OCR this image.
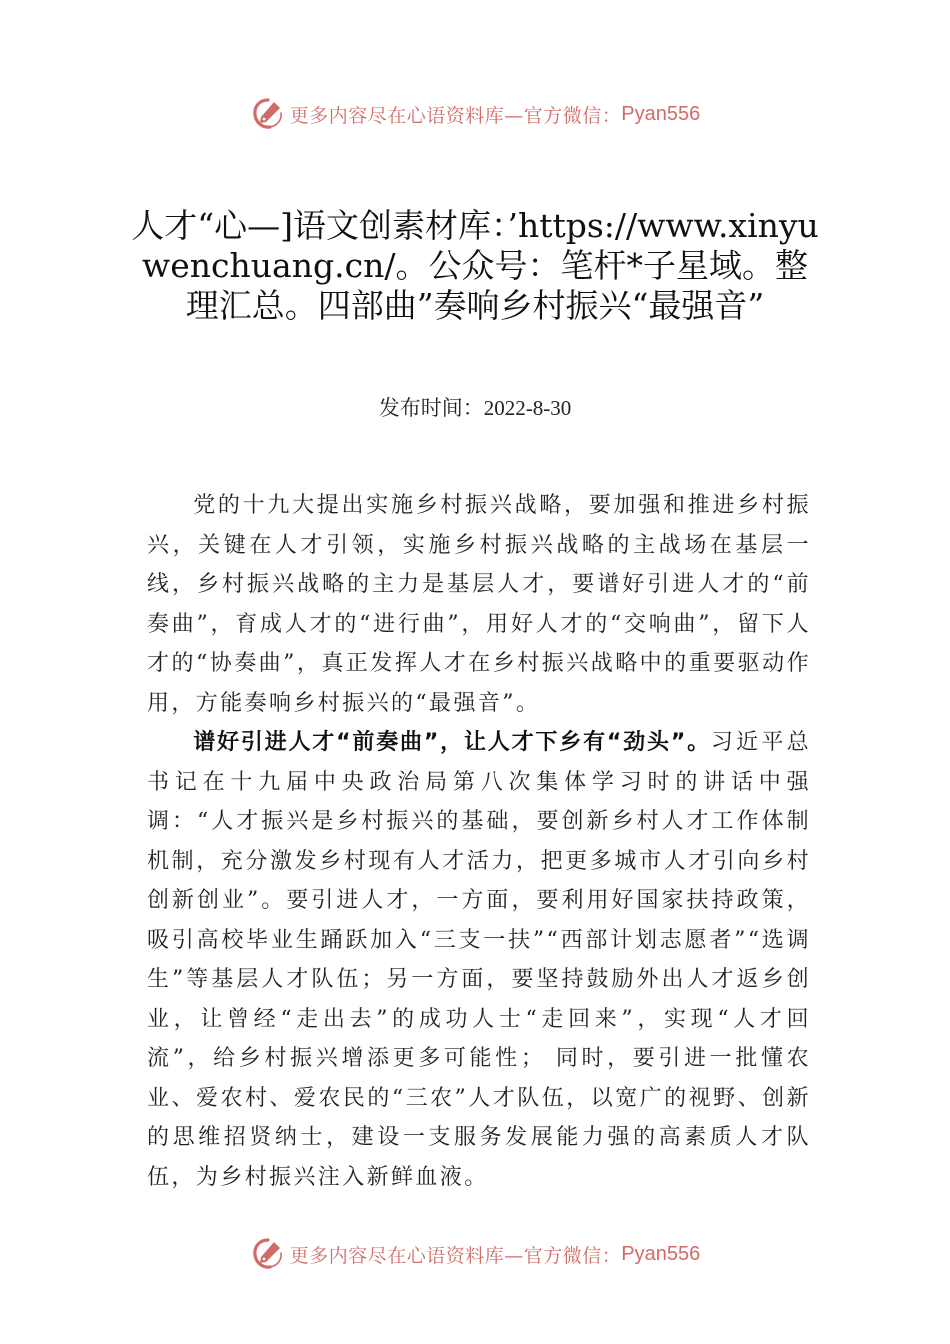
更多内容尽在心语资料库—官方微信： Pyan556
人才“心—]语文创素材库：’https://www.xinyuwenchuang.cn/。公众号：笔杆*子星域。整理汇总。四部曲”奏响乡村振兴“最强音”
发布时间：2022-8-30

党的十九大提出实施乡村振兴战略，要加强和推进乡村振兴，关键在人才引领，实施乡村振兴战略的主战场在基层一线，乡村振兴战略的主力是基层人才，要谱好引进人才的“前奏曲”，育成人才的“进行曲”，用好人才的“交响曲”，留下人才的“协奏曲”，真正发挥人才在乡村振兴战略中的重要驱动作用，方能奏响乡村振兴的“最强音”。

谱好引进人才“前奏曲”，让人才下乡有“劲头”。习近平总书记在十九届中央政治局第八次集体学习时的讲话中强调：“人才振兴是乡村振兴的基础，要创新乡村人才工作体制机制，充分激发乡村现有人才活力，把更多城市人才引向乡村创新创业”。要引进人才，一方面，要利用好国家扶持政策，吸引高校毕业生踊跃加入“三支一扶”“西部计划志愿者”“选调生”等基层人才队伍；另一方面，要坚持鼓励外出人才返乡创业，让曾经“走出去”的成功人士“走回来”，实现“人才回流”，给乡村振兴增添更多可能性； 同时，要引进一批懂农业、爱农村、爱农民的“三农”人才队伍，以宽广的视野、创新的思维招贤纳士，建设一支服务发展能力强的高素质人才队伍，为乡村振兴注入新鲜血液。

更多内容尽在心语资料库—官方微信： Pyan556
